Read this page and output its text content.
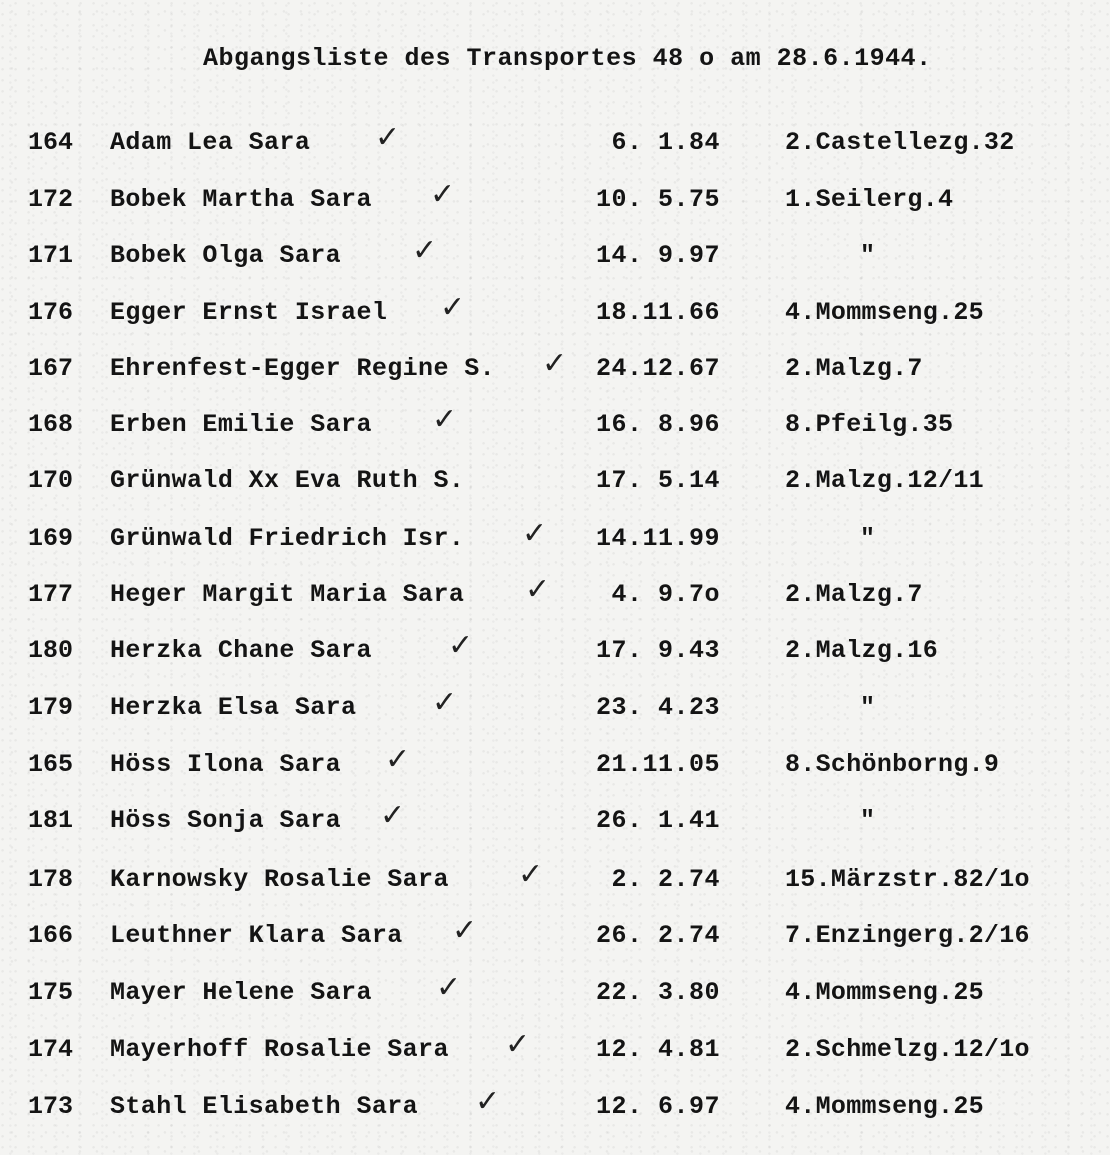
Abgangsliste des Transportes 48 o am 28.6.1944.
164 Adam Lea Sara ✓	6. 1.84	2.Castellezg.32
172 Bobek Martha Sara ✓	10. 5.75	1.Seilerg.4
171 Bobek Olga Sara ✓	14. 9.97	"
176 Egger Ernst Israel ✓	18.11.66	4.Mommseng.25
167 Ehrenfest-Egger Regine S. ✓	24.12.67	2.Malzg.7
168 Erben Emilie Sara ✓	16. 8.96	8.Pfeilg.35
170 Grünwald Xx Eva Ruth S.	17. 5.14	2.Malzg.12/11
169 Grünwald Friedrich Isr. ✓	14.11.99	"
177 Heger Margit Maria Sara ✓	4. 9.7o	2.Malzg.7
180 Herzka Chane Sara	✓	17. 9.43	2.Malzg.16
179 Herzka Elsa Sara	✓	23. 4.23	"
165 Höss Ilona Sara ✓	21.11.05	8.Schönborng.9
181 Höss Sonja Sara ✓	26. 1.41	"
178 Karnowsky Rosalie Sara ✓	2. 2.74	15.Märzstr.82/1o
166 Leuthner Klara Sara ✓	26. 2.74	7.Enzingerg.2/16
175 Mayer Helene Sara ✓	22. 3.80	4.Mommseng.25
174 Mayerhoff Rosalie Sara ✓	12. 4.81	2.Schmelzg.12/1o
173 Stahl Elisabeth Sara ✓	12. 6.97	4.Mommseng.25
